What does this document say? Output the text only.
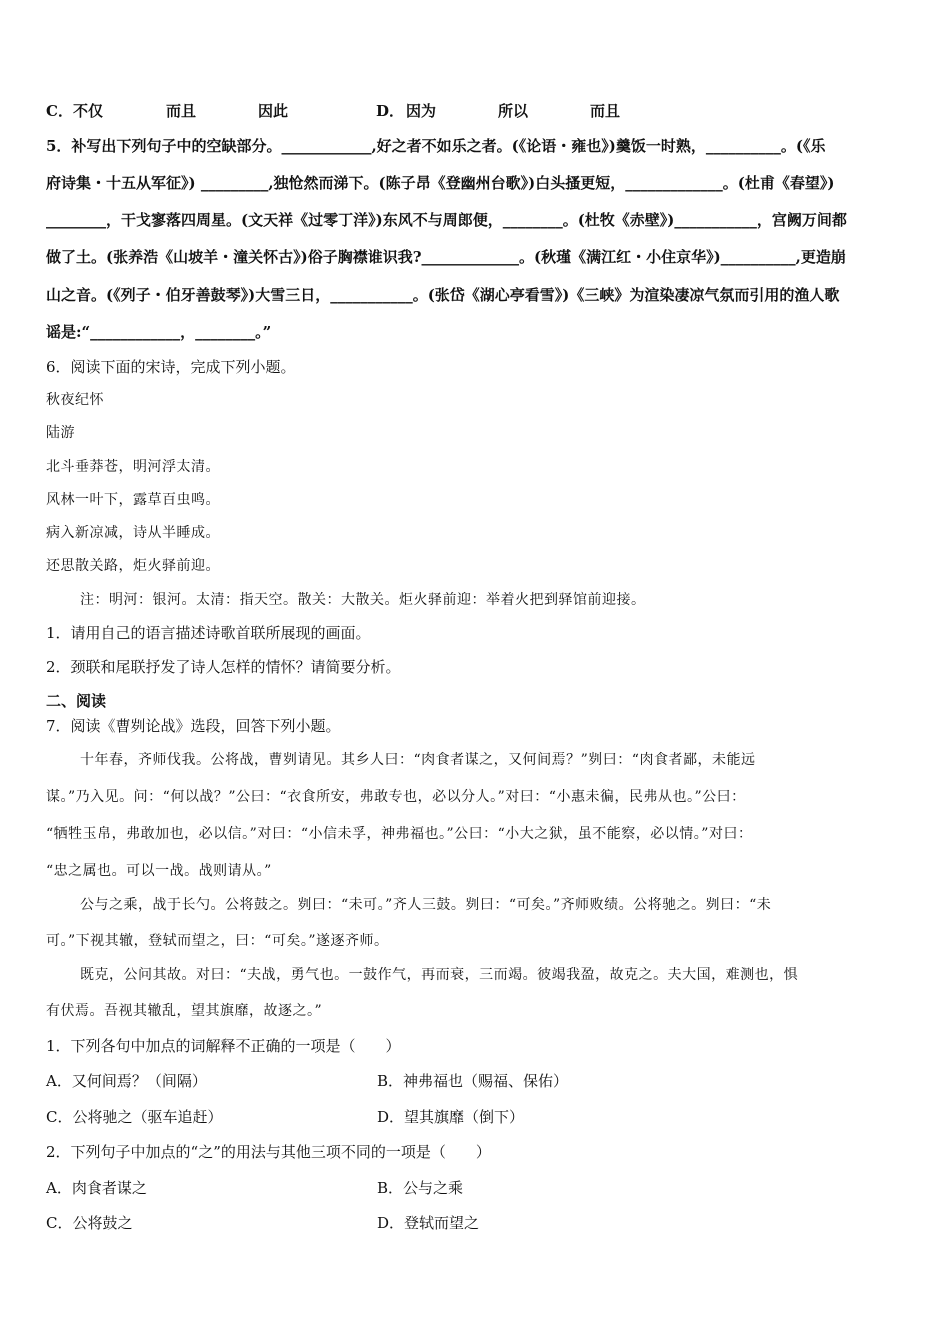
C．不仅	而且	因此	D． 因为	所以	而且
5．补写出下列句子中的空缺部分。____________,好之者不如乐之者。(《论语・雍也》)羹饭一时熟，__________。(《乐
府诗集・十五从军征》) _________,独怆然而涕下。(陈子昂《登幽州台歌》)白头搔更短，_____________。(杜甫《春望》)
________，干戈寥落四周星。(文天祥《过零丁洋》)东风不与周郎便，________。(杜牧《赤壁》)___________，宫阙万间都
做了土。(张养浩《山坡羊・潼关怀古》)俗子胸襟谁识我?_____________。(秋瑾《满江红・小住京华》)__________,更造崩
山之音。(《列子・伯牙善鼓琴》)大雪三日，___________。(张岱《湖心亭看雪》)《三峡》为渲染凄凉气氛而引用的渔人歌
谣是:“____________，________。”
6．阅读下面的宋诗，完成下列小题。
秋夜纪怀
陆游
北斗垂莽苍，明河浮太清。
风林一叶下，露草百虫鸣。
病入新凉减，诗从半睡成。
还思散关路，炬火驿前迎。
注：明河：银河。太清：指天空。散关：大散关。炬火驿前迎：举着火把到驿馆前迎接。
1．请用自己的语言描述诗歌首联所展现的画面。
2．颈联和尾联抒发了诗人怎样的情怀？请简要分析。
二、阅读
7．阅读《曹刿论战》选段，回答下列小题。
十年春，齐师伐我。公将战，曹刿请见。其乡人曰：“肉食者谋之，又何间焉？”刿曰：“肉食者鄙，未能远
谋。”乃入见。问：“何以战？”公曰：“衣食所安，弗敢专也，必以分人。”对曰：“小惠未徧，民弗从也。”公曰：
“牺牲玉帛，弗敢加也，必以信。”对曰：“小信未孚，神弗福也。”公曰：“小大之狱，虽不能察，必以情。”对曰：
“忠之属也。可以一战。战则请从。”
公与之乘，战于长勺。公将鼓之。刿曰：“未可。”齐人三鼓。刿曰：“可矣。”齐师败绩。公将驰之。刿曰：“未
可。”下视其辙，登轼而望之，曰：“可矣。”遂逐齐师。
既克，公问其故。对曰：“夫战，勇气也。一鼓作气，再而衰，三而竭。彼竭我盈，故克之。夫大国，难测也，惧
有伏焉。吾视其辙乱，望其旗靡，故逐之。”
1．下列各句中加点的词解释不正确的一项是（　　）
A．又何间焉？（间隔）	B．神弗福也（赐福、保佑）
C．公将驰之（驱车追赶）	D．望其旗靡（倒下）
2．下列句子中加点的“之”的用法与其他三项不同的一项是（　　）
A．肉食者谋之	B．公与之乘
C．公将鼓之	D．登轼而望之
